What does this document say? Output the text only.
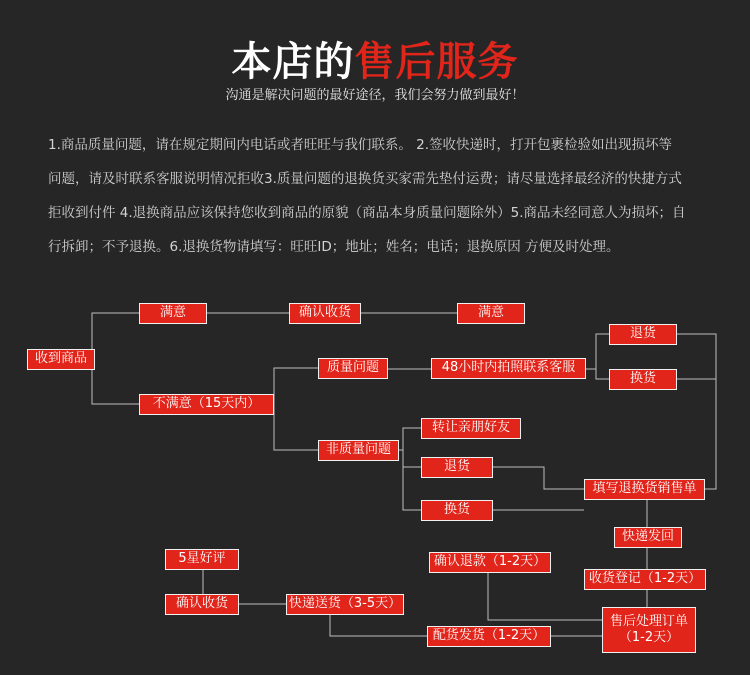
本店的售后服务
沟通是解决问题的最好途径，我们会努力做到最好！

1.商品质量问题，请在规定期间内电话或者旺旺与我们联系。 2.签收快递时，打开包裹检验如出现损坏等

问题，请及时联系客服说明情况拒收3.质量问题的退换货买家需先垫付运费；请尽量选择最经济的快捷方式

拒收到付件 4.退换商品应该保持您收到商品的原貌（商品本身质量问题除外）5.商品未经同意人为损坏；自

行拆卸；不予退换。6.退换货物请填写：旺旺ID；地址；姓名；电话；退换原因 方便及时处理。

收到商品
满意	确认收货	满意
不满意（15天内）
质量问题	48小时内拍照联系客服
退货
换货
非质量问题
转让亲朋好友
退货
换货
填写退换货销售单
快递发回
收货登记（1-2天）
售后处理订单
（1-2天）
确认退款（1-2天）
配货发货（1-2天）
快递送货（3-5天）
确认收货
5星好评
